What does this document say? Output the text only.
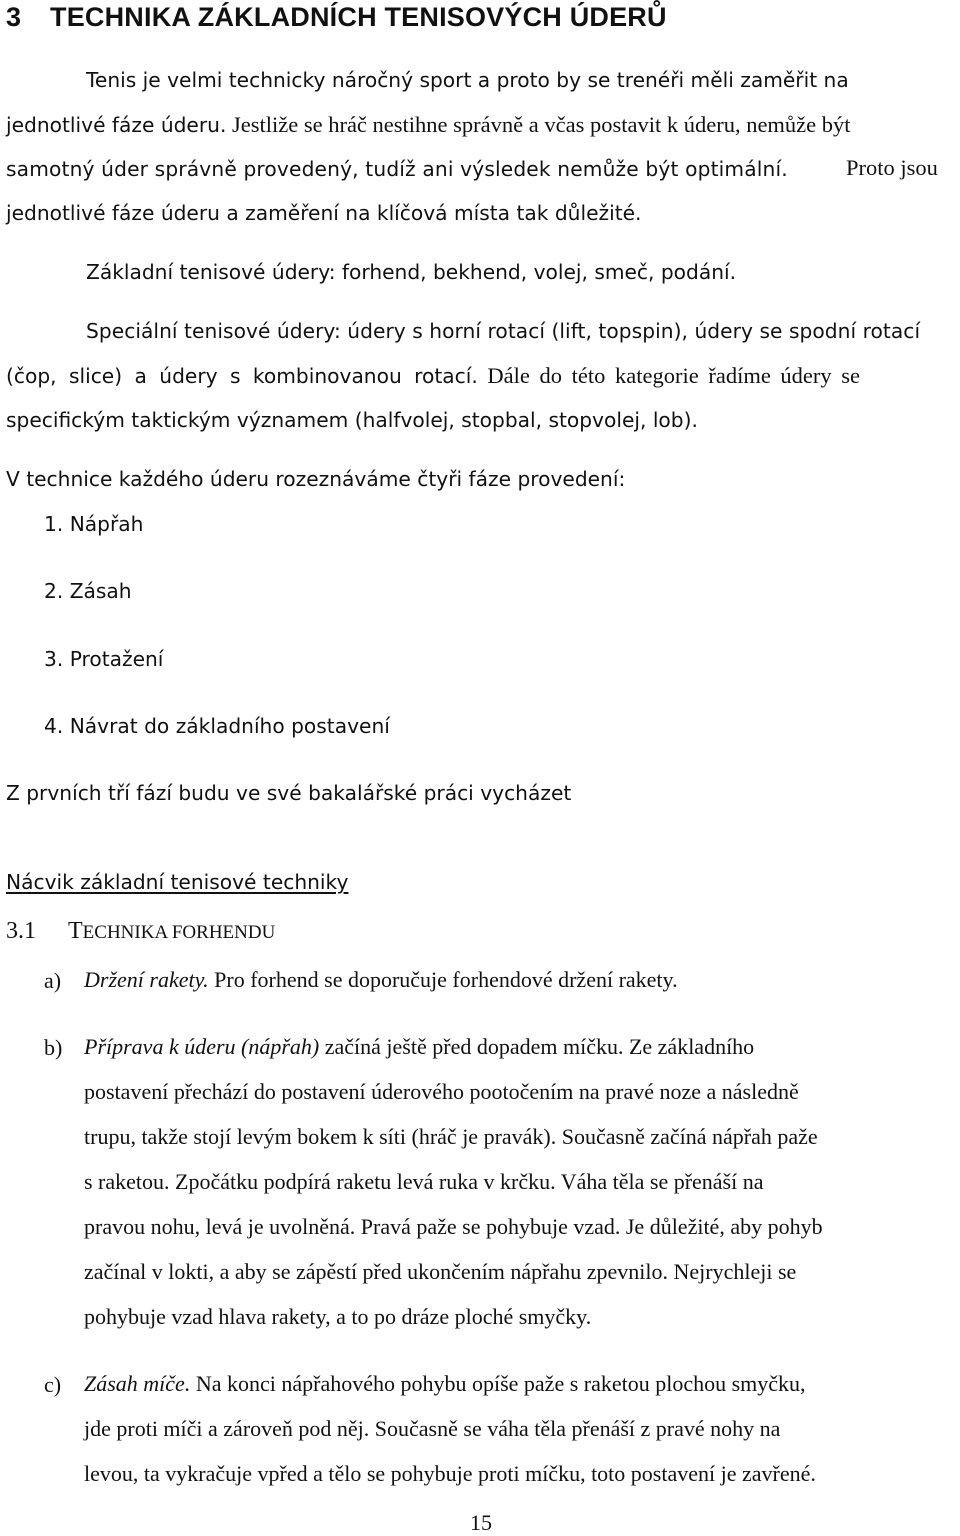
3 TECHNIKA ZÁKLADNÍCH TENISOVÝCH ÚDERŮ
Tenis je velmi technicky náročný sport a proto by se trenéři měli zaměřit na
jednotlivé fáze úderu. Jestliže se hráč nestihne správně a včas postavit k úderu, nemůže být
samotný úder správně provedený, tudíž ani výsledek nemůže být optimální.	Proto jsou
jednotlivé fáze úderu a zaměření na klíčová místa tak důležité.
Základní tenisové údery: forhend, bekhend, volej, smeč, podání.
Speciální tenisové údery: údery s horní rotací (lift, topspin), údery se spodní rotací
(čop, slice) a údery s kombinovanou rotací. Dále do této kategorie řadíme údery se
specifickým taktickým významem (halfvolej, stopbal, stopvolej, lob).
V technice každého úderu rozeznáváme čtyři fáze provedení:
1. Nápřah
2. Zásah
3. Protažení
4. Návrat do základního postavení
Z prvních tří fází budu ve své bakalářské práci vycházet
Nácvik základní tenisové techniky
3.1 TECHNIKA FORHENDU
a) Držení rakety. Pro forhend se doporučuje forhendové držení rakety.
b) Příprava k úderu (nápřah) začíná ještě před dopadem míčku. Ze základního
postavení přechází do postavení úderového pootočením na pravé noze a následně
trupu, takže stojí levým bokem k síti (hráč je pravák). Současně začíná nápřah paže
s raketou. Zpočátku podpírá raketu levá ruka v krčku. Váha těla se přenáší na
pravou nohu, levá je uvolněná. Pravá paže se pohybuje vzad. Je důležité, aby pohyb
začínal v lokti, a aby se zápěstí před ukončením nápřahu zpevnilo. Nejrychleji se
pohybuje vzad hlava rakety, a to po dráze ploché smyčky.
c) Zásah míče. Na konci nápřahového pohybu opíše paže s raketou plochou smyčku,
jde proti míči a zároveň pod něj. Současně se váha těla přenáší z pravé nohy na
levou, ta vykračuje vpřed a tělo se pohybuje proti míčku, toto postavení je zavřené.
15
